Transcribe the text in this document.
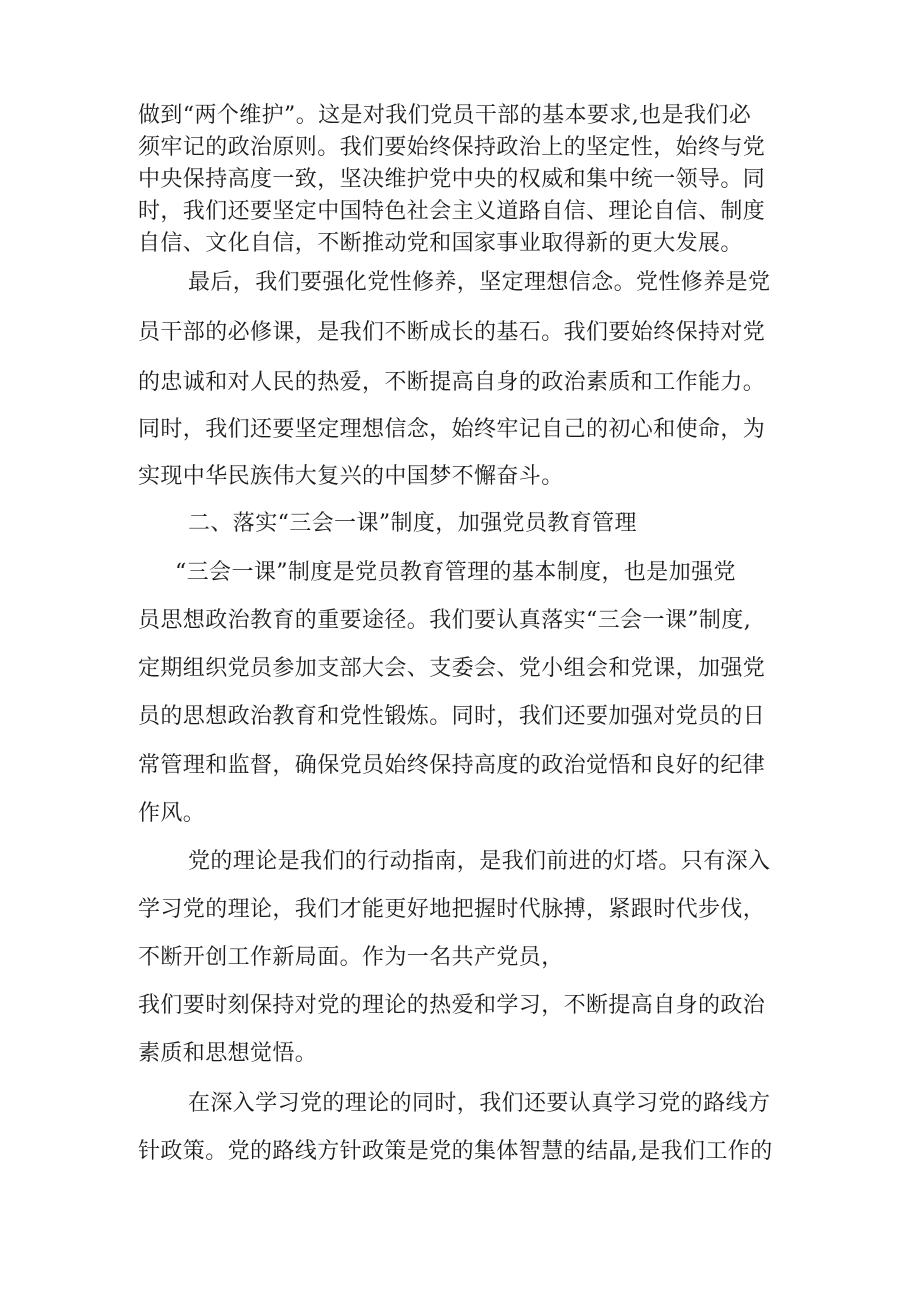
做到“两个维护”。这是对我们党员干部的基本要求,也是我们必
须牢记的政治原则。我们要始终保持政治上的坚定性，始终与党
中央保持高度一致，坚决维护党中央的权威和集中统一领导。同
时，我们还要坚定中国特色社会主义道路自信、理论自信、制度
自信、文化自信，不断推动党和国家事业取得新的更大发展。
最后，我们要强化党性修养，坚定理想信念。党性修养是党
员干部的必修课，是我们不断成长的基石。我们要始终保持对党
的忠诚和对人民的热爱，不断提高自身的政治素质和工作能力。
同时，我们还要坚定理想信念，始终牢记自己的初心和使命，为
实现中华民族伟大复兴的中国梦不懈奋斗。
二、落实“三会一课”制度，加强党员教育管理
“三会一课”制度是党员教育管理的基本制度，也是加强党
员思想政治教育的重要途径。我们要认真落实“三会一课”制度,
定期组织党员参加支部大会、支委会、党小组会和党课，加强党
员的思想政治教育和党性锻炼。同时，我们还要加强对党员的日
常管理和监督，确保党员始终保持高度的政治觉悟和良好的纪律
作风。
党的理论是我们的行动指南，是我们前进的灯塔。只有深入
学习党的理论，我们才能更好地把握时代脉搏，紧跟时代步伐，
不断开创工作新局面。作为一名共产党员，
我们要时刻保持对党的理论的热爱和学习，不断提高自身的政治
素质和思想觉悟。
在深入学习党的理论的同时，我们还要认真学习党的路线方
针政策。党的路线方针政策是党的集体智慧的结晶,是我们工作的
